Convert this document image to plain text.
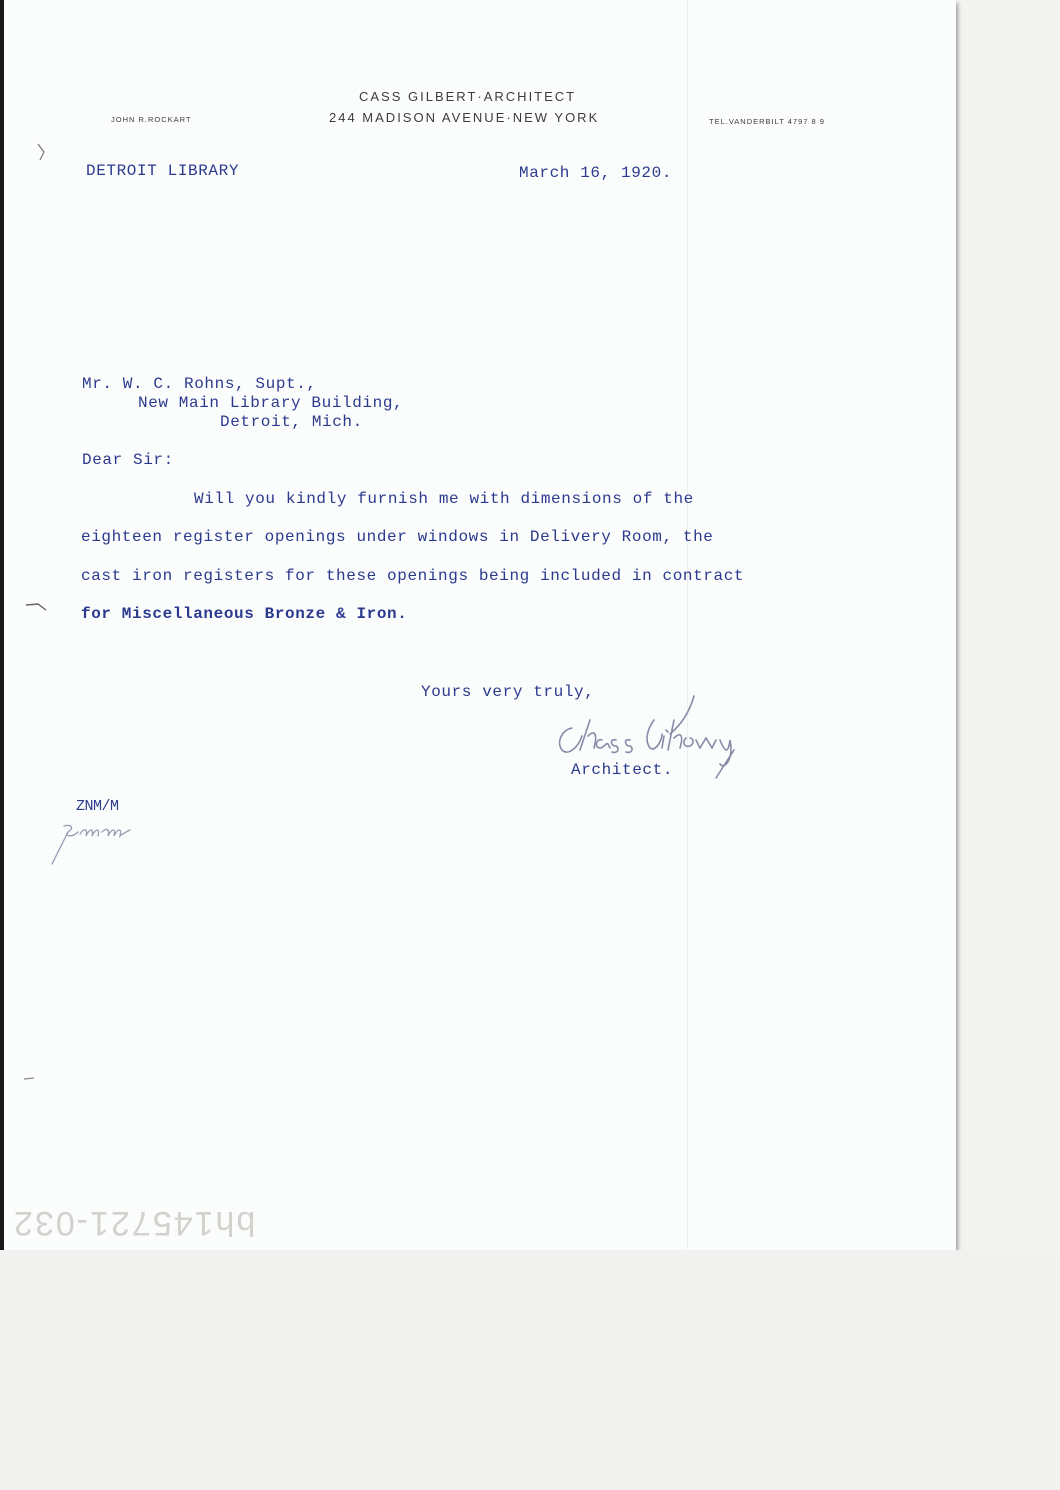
CASS GILBERT·ARCHITECT
244 MADISON AVENUE·NEW YORK
JOHN R.ROCKART	TEL.VANDERBILT 4797 8 9
DETROIT LIBRARY	March 16, 1920.
Mr. W. C. Rohns, Supt.,
New Main Library Building,
Detroit, Mich.
Dear Sir:
Will you kindly furnish me with dimensions of the
eighteen register openings under windows in Delivery Room, the
cast iron registers for these openings being included in contract
for Miscellaneous Bronze & Iron.
Yours very truly,
Architect.
ZNM/M
bh145721-032
